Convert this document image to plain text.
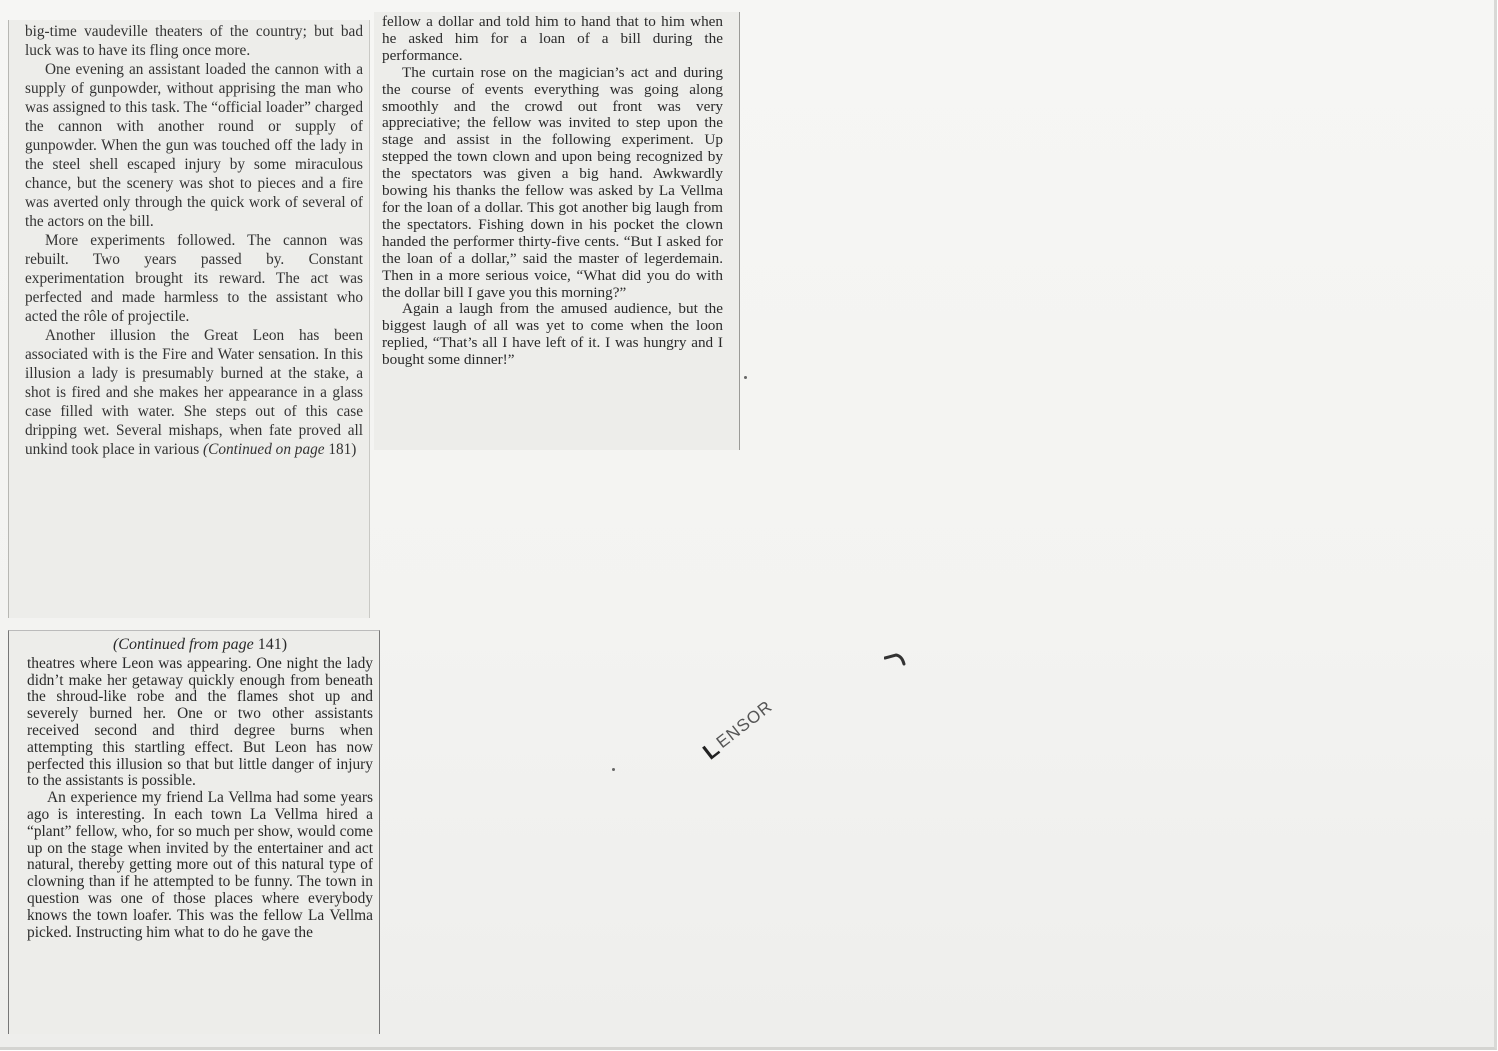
big-time vaudeville theaters of the country; but bad luck was to have its fling once more.

One evening an assistant loaded the cannon with a supply of gunpowder, without apprising the man who was assigned to this task. The “official loader” charged the cannon with another round or supply of gunpowder. When the gun was touched off the lady in the steel shell escaped injury by some miraculous chance, but the scenery was shot to pieces and a fire was averted only through the quick work of several of the actors on the bill.

More experiments followed. The cannon was rebuilt. Two years passed by. Constant experimentation brought its reward. The act was perfected and made harmless to the assistant who acted the rôle of projectile.

Another illusion the Great Leon has been associated with is the Fire and Water sensation. In this illusion a lady is presumably burned at the stake, a shot is fired and she makes her appearance in a glass case filled with water. She steps out of this case dripping wet. Several mishaps, when fate proved all unkind took place in various (Continued on page 181)

fellow a dollar and told him to hand that to him when he asked him for a loan of a bill during the performance.

The curtain rose on the magician’s act and during the course of events everything was going along smoothly and the crowd out front was very appreciative; the fellow was invited to step upon the stage and assist in the following experiment. Up stepped the town clown and upon being recognized by the spectators was given a big hand. Awkwardly bowing his thanks the fellow was asked by La Vellma for the loan of a dollar. This got another big laugh from the spectators. Fishing down in his pocket the clown handed the performer thirty-five cents. “But I asked for the loan of a dollar,” said the master of legerdemain. Then in a more serious voice, “What did you do with the dollar bill I gave you this morning?”

Again a laugh from the amused audience, but the biggest laugh of all was yet to come when the loon replied, “That’s all I have left of it. I was hungry and I bought some dinner!”

(Continued from page 141)

theatres where Leon was appearing. One night the lady didn’t make her getaway quickly enough from beneath the shroud-like robe and the flames shot up and severely burned her. One or two other assistants received second and third degree burns when attempting this startling effect. But Leon has now perfected this illusion so that but little danger of injury to the assistants is possible.

An experience my friend La Vellma had some years ago is interesting. In each town La Vellma hired a “plant” fellow, who, for so much per show, would come up on the stage when invited by the entertainer and act natural, thereby getting more out of this natural type of clowning than if he attempted to be funny. The town in question was one of those places where everybody knows the town loafer. This was the fellow La Vellma picked. Instructing him what to do he gave the

L
ENSOR
